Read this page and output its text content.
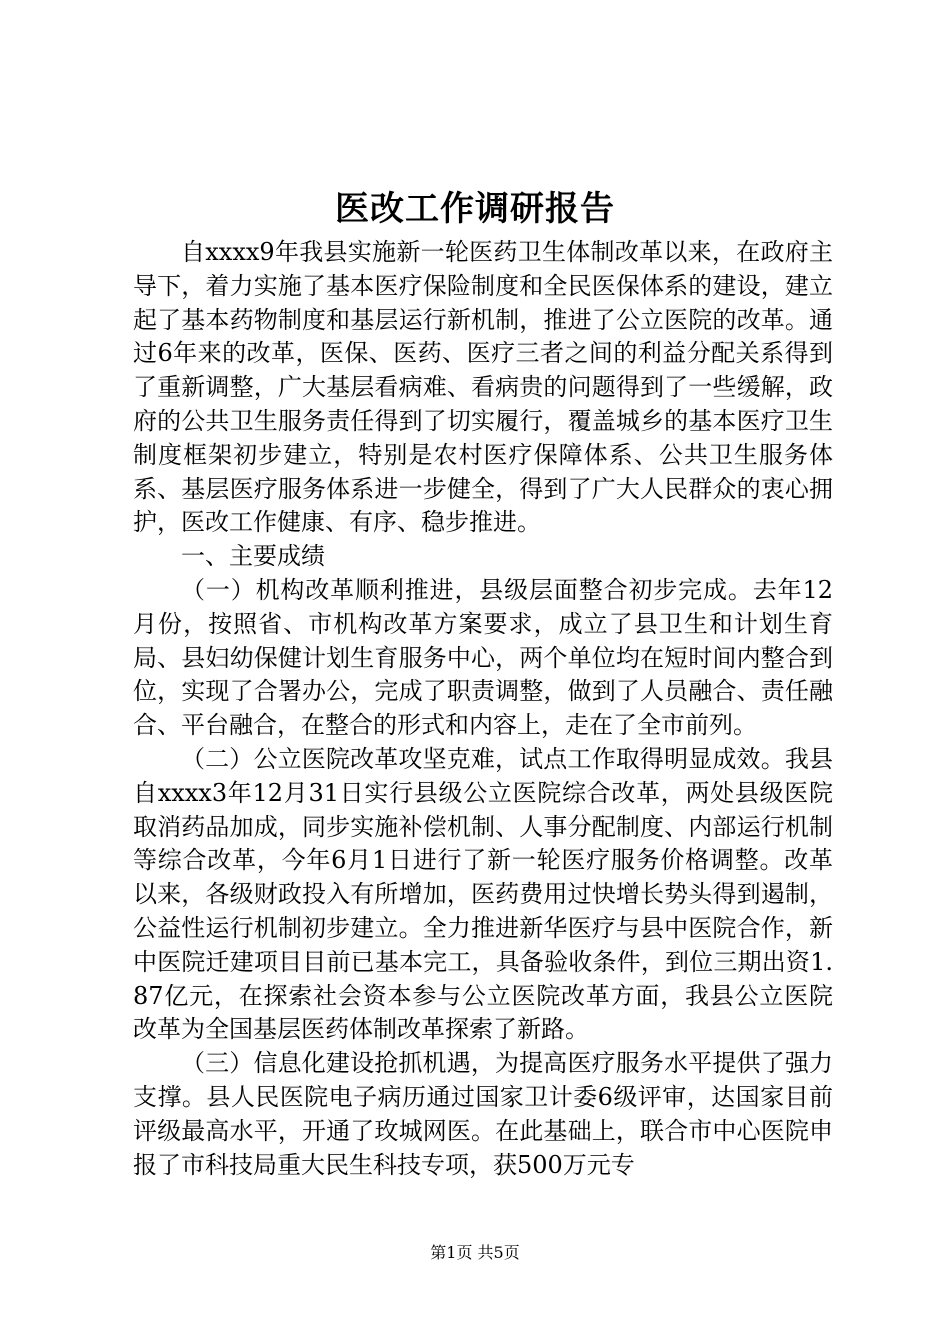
医改工作调研报告

自xxxx9年我县实施新一轮医药卫生体制改革以来，在政府主导下，着力实施了基本医疗保险制度和全民医保体系的建设，建立起了基本药物制度和基层运行新机制，推进了公立医院的改革。通过6年来的改革，医保、医药、医疗三者之间的利益分配关系得到了重新调整，广大基层看病难、看病贵的问题得到了一些缓解，政府的公共卫生服务责任得到了切实履行，覆盖城乡的基本医疗卫生制度框架初步建立，特别是农村医疗保障体系、公共卫生服务体系、基层医疗服务体系进一步健全，得到了广大人民群众的衷心拥护，医改工作健康、有序、稳步推进。

一、主要成绩

（一）机构改革顺利推进，县级层面整合初步完成。去年12月份，按照省、市机构改革方案要求，成立了县卫生和计划生育局、县妇幼保健计划生育服务中心，两个单位均在短时间内整合到位，实现了合署办公，完成了职责调整，做到了人员融合、责任融合、平台融合，在整合的形式和内容上，走在了全市前列。

（二）公立医院改革攻坚克难，试点工作取得明显成效。我县自xxxx3年12月31日实行县级公立医院综合改革，两处县级医院取消药品加成，同步实施补偿机制、人事分配制度、内部运行机制等综合改革，今年6月1日进行了新一轮医疗服务价格调整。改革以来，各级财政投入有所增加，医药费用过快增长势头得到遏制，公益性运行机制初步建立。全力推进新华医疗与县中医院合作，新中医院迁建项目目前已基本完工，具备验收条件，到位三期出资1.87亿元，在探索社会资本参与公立医院改革方面，我县公立医院改革为全国基层医药体制改革探索了新路。

（三）信息化建设抢抓机遇，为提高医疗服务水平提供了强力支撑。县人民医院电子病历通过国家卫计委6级评审，达国家目前评级最高水平，开通了玫城网医。在此基础上，联合市中心医院申报了市科技局重大民生科技专项，获500万元专

第1页 共5页
